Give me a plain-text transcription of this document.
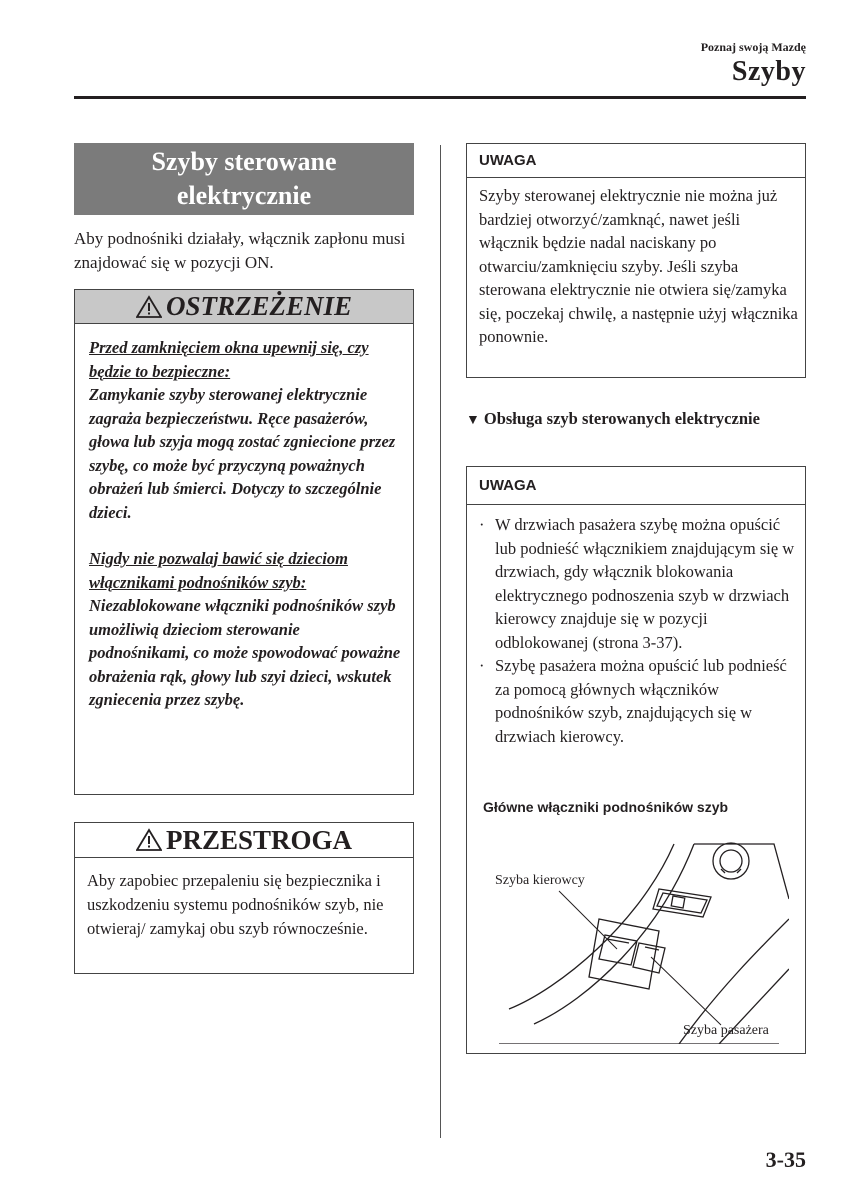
Poznaj swoją Mazdę
Szyby
Szyby sterowane
elektrycznie
Aby podnośniki działały, włącznik zapłonu musi znajdować się w pozycji ON.
OSTRZEŻENIE

Przed zamknięciem okna upewnij się, czy będzie to bezpieczne:

Zamykanie szyby sterowanej elektrycznie zagraża bezpieczeństwu. Ręce pasażerów, głowa lub szyja mogą zostać zgniecione przez szybę, co może być przyczyną poważnych obrażeń lub śmierci. Dotyczy to szczególnie dzieci.

Nigdy nie pozwalaj bawić się dzieciom włącznikami podnośników szyb:

Niezablokowane włączniki podnośników szyb umożliwią dzieciom sterowanie podnośnikami, co może spowodować poważne obrażenia rąk, głowy lub szyi dzieci, wskutek zgniecenia przez szybę.

PRZESTROGA
Aby zapobiec przepaleniu się bezpiecznika i uszkodzeniu systemu podnośników szyb, nie otwieraj/ zamykaj obu szyb równocześnie.
UWAGA
Szyby sterowanej elektrycznie nie można już bardziej otworzyć/zamknąć, nawet jeśli włącznik będzie nadal naciskany po otwarciu/zamknięciu szyby. Jeśli szyba sterowana elektrycznie nie otwiera się/zamyka się, poczekaj chwilę, a następnie użyj włącznika ponownie.
▼ Obsługa szyb sterowanych elektrycznie
UWAGA

· W drzwiach pasażera szybę można opuścić lub podnieść włącznikiem znajdującym się w drzwiach, gdy włącznik blokowania elektrycznego podnoszenia szyb w drzwiach kierowcy znajduje się w pozycji odblokowanej (strona 3-37).

· Szybę pasażera można opuścić lub podnieść za pomocą głównych włączników podnośników szyb, znajdujących się w drzwiach kierowcy.

Główne włączniki podnośników szyb
Szyba kierowcy
Szyba pasażera
3-35
